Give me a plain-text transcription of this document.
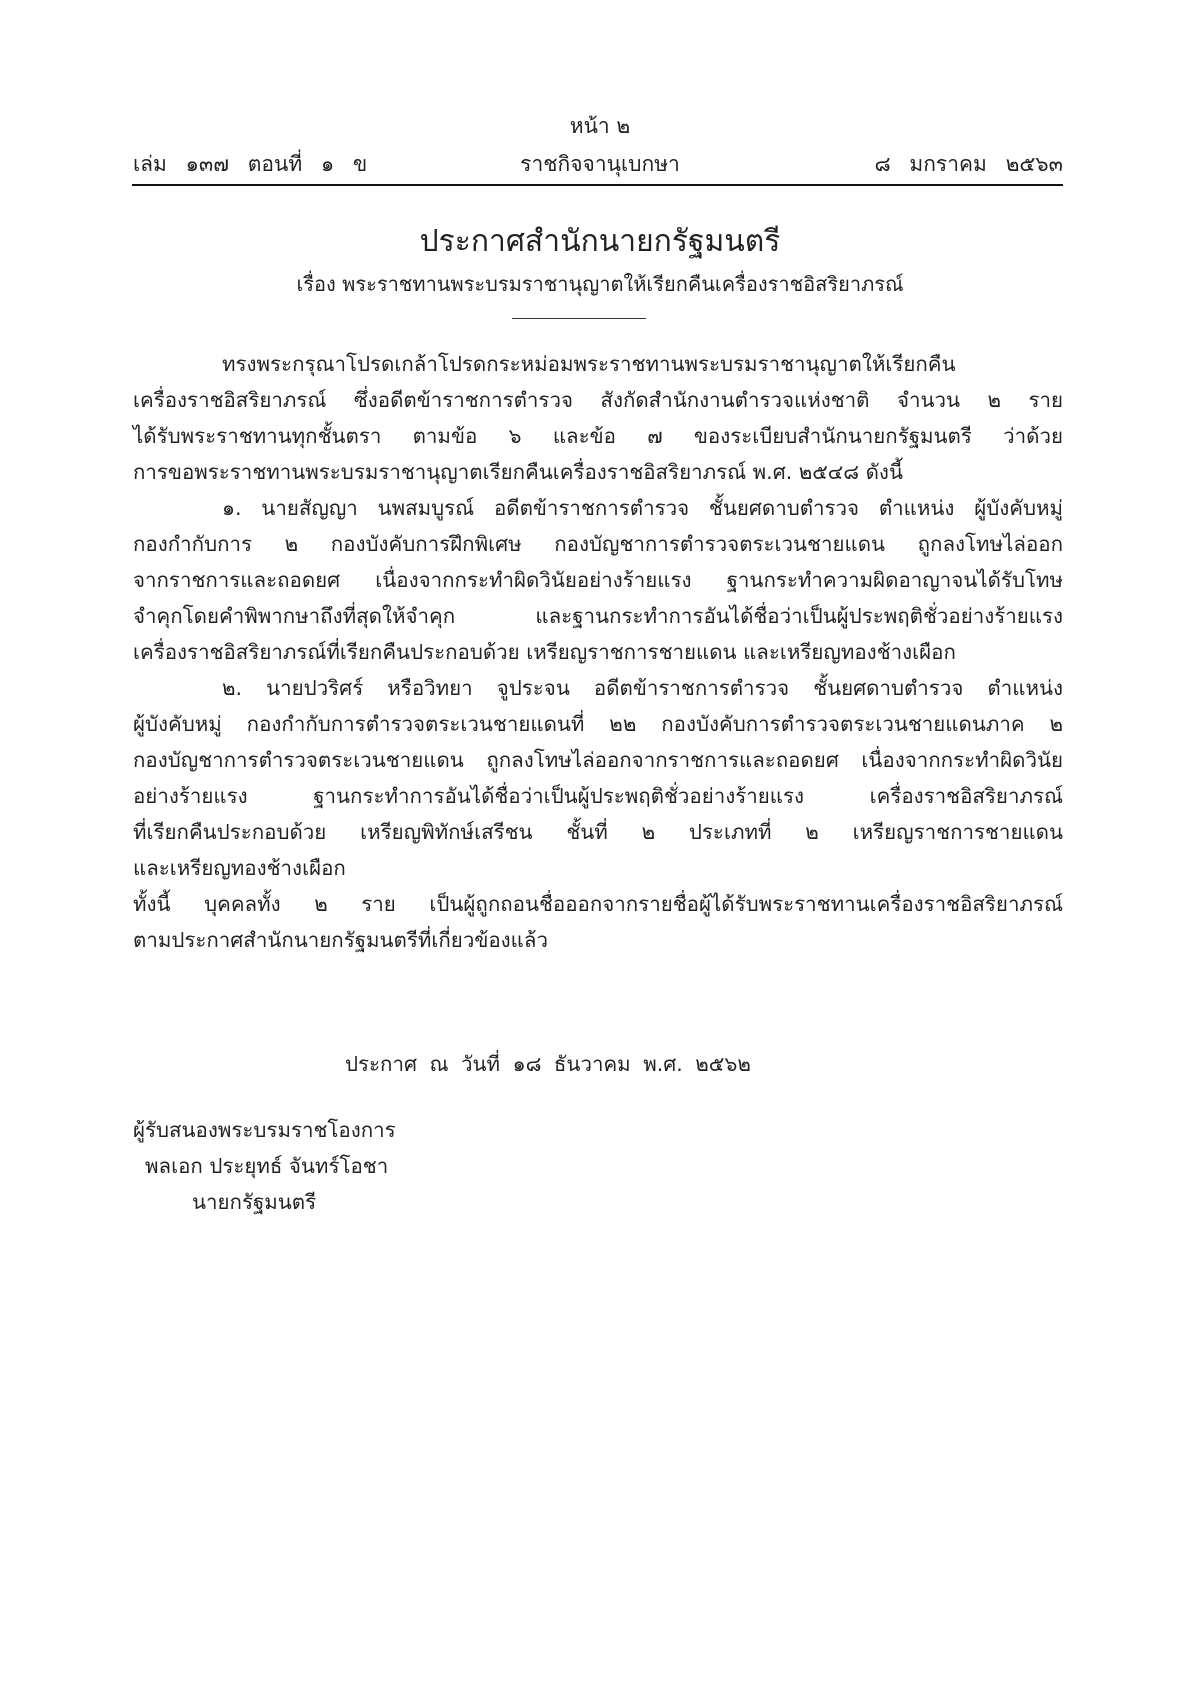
หน้า ๒
เล่ม ๑๓๗ ตอนที่ ๑ ข	ราชกิจจานุเบกษา	๘ มกราคม ๒๕๖๓
ประกาศสำนักนายกรัฐมนตรี
เรื่อง พระราชทานพระบรมราชานุญาตให้เรียกคืนเครื่องราชอิสริยาภรณ์
ทรงพระกรุณาโปรดเกล้าโปรดกระหม่อมพระราชทานพระบรมราชานุญาตให้เรียกคืน
เครื่องราชอิสริยาภรณ์ ซึ่งอดีตข้าราชการตำรวจ สังกัดสำนักงานตำรวจแห่งชาติ จำนวน ๒ ราย
ได้รับพระราชทานทุกชั้นตรา ตามข้อ ๖ และข้อ ๗ ของระเบียบสำนักนายกรัฐมนตรี ว่าด้วย
การขอพระราชทานพระบรมราชานุญาตเรียกคืนเครื่องราชอิสริยาภรณ์ พ.ศ. ๒๕๔๘ ดังนี้
๑. นายสัญญา นพสมบูรณ์ อดีตข้าราชการตำรวจ ชั้นยศดาบตำรวจ ตำแหน่ง ผู้บังคับหมู่
กองกำกับการ ๒ กองบังคับการฝึกพิเศษ กองบัญชาการตำรวจตระเวนชายแดน ถูกลงโทษไล่ออก
จากราชการและถอดยศ เนื่องจากกระทำผิดวินัยอย่างร้ายแรง ฐานกระทำความผิดอาญาจนได้รับโทษ
จำคุกโดยคำพิพากษาถึงที่สุดให้จำคุก และฐานกระทำการอันได้ชื่อว่าเป็นผู้ประพฤติชั่วอย่างร้ายแรง
เครื่องราชอิสริยาภรณ์ที่เรียกคืนประกอบด้วย เหรียญราชการชายแดน และเหรียญทองช้างเผือก
๒. นายปวริศร์ หรือวิทยา จูประจน อดีตข้าราชการตำรวจ ชั้นยศดาบตำรวจ ตำแหน่ง
ผู้บังคับหมู่ กองกำกับการตำรวจตระเวนชายแดนที่ ๒๒ กองบังคับการตำรวจตระเวนชายแดนภาค ๒
กองบัญชาการตำรวจตระเวนชายแดน ถูกลงโทษไล่ออกจากราชการและถอดยศ เนื่องจากกระทำผิดวินัย
อย่างร้ายแรง ฐานกระทำการอันได้ชื่อว่าเป็นผู้ประพฤติชั่วอย่างร้ายแรง เครื่องราชอิสริยาภรณ์
ที่เรียกคืนประกอบด้วย เหรียญพิทักษ์เสรีชน ชั้นที่ ๒ ประเภทที่ ๒ เหรียญราชการชายแดน
และเหรียญทองช้างเผือก
ทั้งนี้ บุคคลทั้ง ๒ ราย เป็นผู้ถูกถอนชื่อออกจากรายชื่อผู้ได้รับพระราชทานเครื่องราชอิสริยาภรณ์
ตามประกาศสำนักนายกรัฐมนตรีที่เกี่ยวข้องแล้ว
ประกาศ ณ วันที่ ๑๘ ธันวาคม พ.ศ. ๒๕๖๒
ผู้รับสนองพระบรมราชโองการ
พลเอก ประยุทธ์ จันทร์โอชา
นายกรัฐมนตรี
